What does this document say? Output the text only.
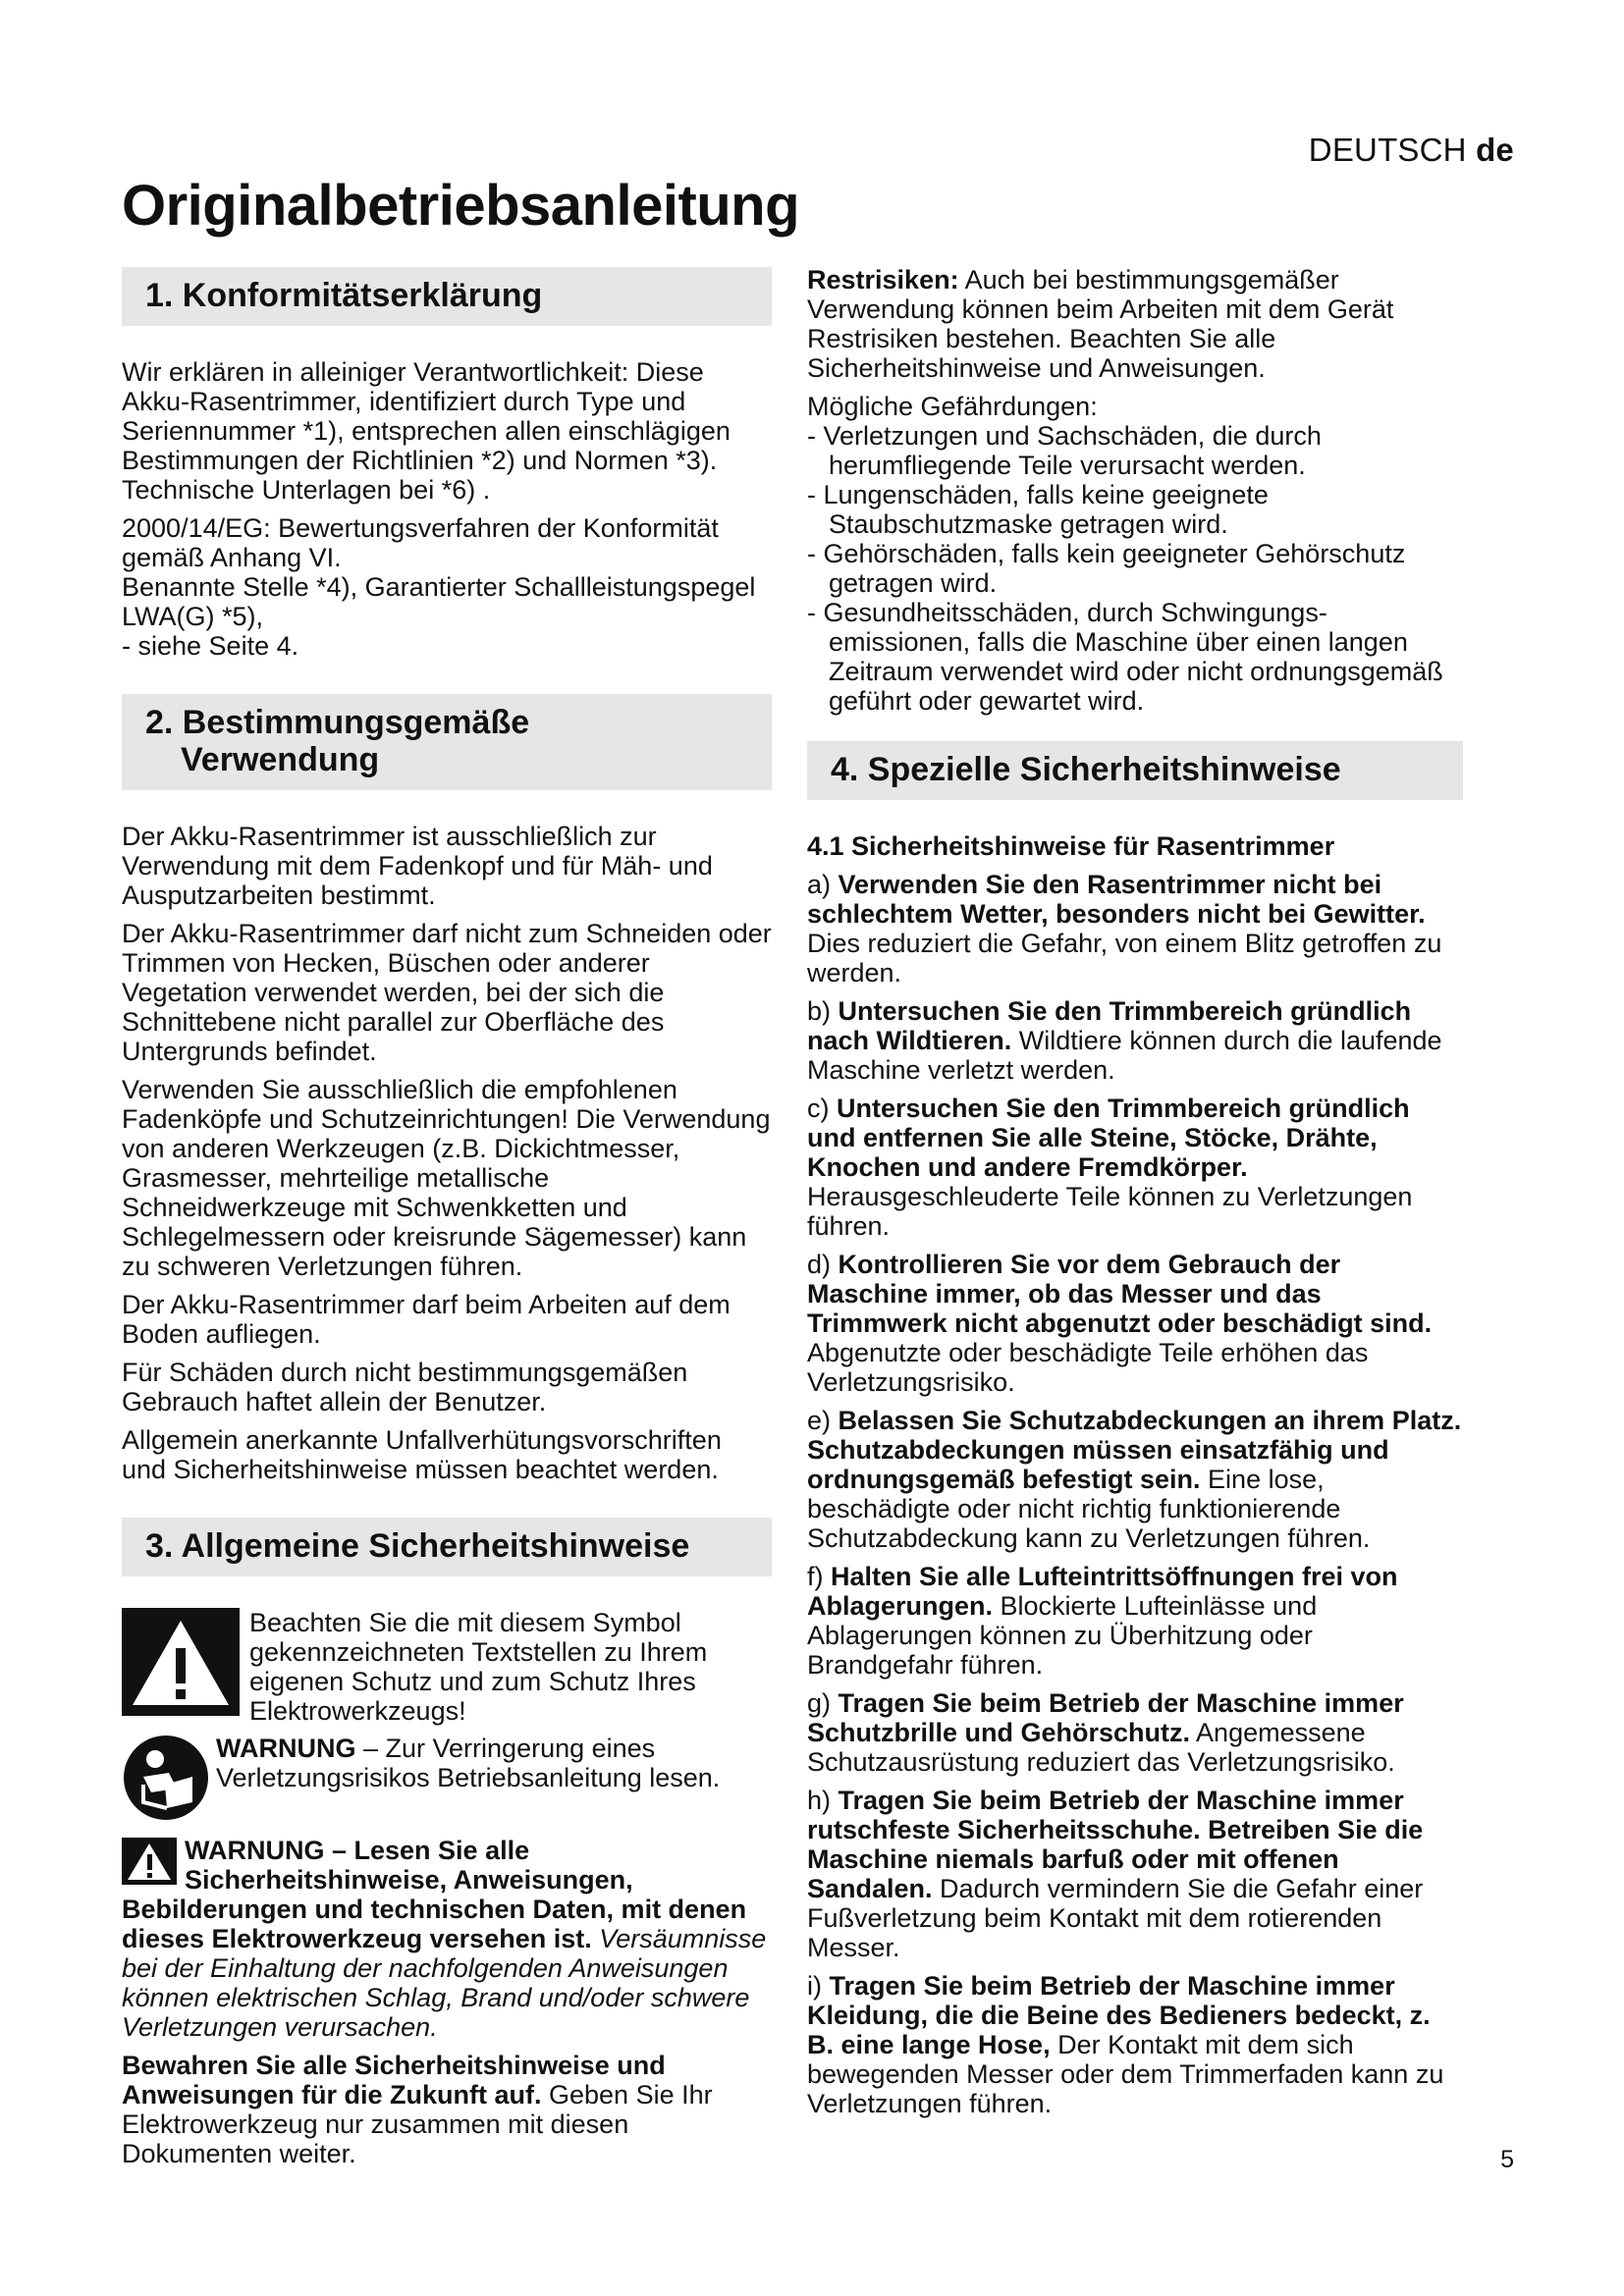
DEUTSCH de
Originalbetriebsanleitung
1. Konformitätserklärung

Wir erklären in alleiniger Verantwortlichkeit: Diese Akku-Rasentrimmer, identifiziert durch Type und Seriennummer *1), entsprechen allen einschlägigen Bestimmungen der Richtlinien *2) und Normen *3). Technische Unterlagen bei *6) .

2000/14/EG: Bewertungsverfahren der Konformität gemäß Anhang VI.
Benannte Stelle *4), Garantierter Schallleistungspegel LWA(G) *5),
- siehe Seite 4.

2. Bestimmungsgemäße
Verwendung

Der Akku-Rasentrimmer ist ausschließlich zur Verwendung mit dem Fadenkopf und für Mäh- und Ausputzarbeiten bestimmt.

Der Akku-Rasentrimmer darf nicht zum Schneiden oder Trimmen von Hecken, Büschen oder anderer Vegetation verwendet werden, bei der sich die Schnittebene nicht parallel zur Oberfläche des Untergrunds befindet.

Verwenden Sie ausschließlich die empfohlenen Fadenköpfe und Schutzeinrichtungen! Die Verwendung von anderen Werkzeugen (z.B. Dickichtmesser, Grasmesser, mehrteilige metallische Schneidwerkzeuge mit Schwenkketten und Schlegelmessern oder kreisrunde Sägemesser) kann zu schweren Verletzungen führen.

Der Akku-Rasentrimmer darf beim Arbeiten auf dem Boden aufliegen.

Für Schäden durch nicht bestimmungsgemäßen Gebrauch haftet allein der Benutzer.

Allgemein anerkannte Unfallverhütungsvorschriften und Sicherheitshinweise müssen beachtet werden.

3. Allgemeine Sicherheitshinweise
Beachten Sie die mit diesem Symbol gekennzeichneten Textstellen zu Ihrem eigenen Schutz und zum Schutz Ihres Elektrowerkzeugs!
WARNUNG – Zur Verringerung eines Verletzungsrisikos Betriebsanleitung lesen.

WARNUNG – Lesen Sie alle Sicherheitshinweise, Anweisungen, Bebilderungen und technischen Daten, mit denen dieses Elektrowerkzeug versehen ist. Versäumnisse bei der Einhaltung der nachfolgenden Anweisungen können elektrischen Schlag, Brand und/oder schwere Verletzungen verursachen.

Bewahren Sie alle Sicherheitshinweise und Anweisungen für die Zukunft auf. Geben Sie Ihr Elektrowerkzeug nur zusammen mit diesen Dokumenten weiter.

Restrisiken: Auch bei bestimmungsgemäßer Verwendung können beim Arbeiten mit dem Gerät Restrisiken bestehen. Beachten Sie alle Sicherheitshinweise und Anweisungen.

Mögliche Gefährdungen:

- Verletzungen und Sachschäden, die durch herumfliegende Teile verursacht werden.
- Lungenschäden, falls keine geeignete Staubschutzmaske getragen wird.
- Gehörschäden, falls kein geeigneter Gehörschutz getragen wird.
- Gesundheitsschäden, durch Schwingungs-emissionen, falls die Maschine über einen langen Zeitraum verwendet wird oder nicht ordnungsgemäß geführt oder gewartet wird.
4. Spezielle Sicherheitshinweise

4.1 Sicherheitshinweise für Rasentrimmer

a) Verwenden Sie den Rasentrimmer nicht bei schlechtem Wetter, besonders nicht bei Gewitter. Dies reduziert die Gefahr, von einem Blitz getroffen zu werden.

b) Untersuchen Sie den Trimmbereich gründlich nach Wildtieren. Wildtiere können durch die laufende Maschine verletzt werden.

c) Untersuchen Sie den Trimmbereich gründlich und entfernen Sie alle Steine, Stöcke, Drähte, Knochen und andere Fremdkörper. Herausgeschleuderte Teile können zu Verletzungen führen.

d) Kontrollieren Sie vor dem Gebrauch der Maschine immer, ob das Messer und das Trimmwerk nicht abgenutzt oder beschädigt sind. Abgenutzte oder beschädigte Teile erhöhen das Verletzungsrisiko.

e) Belassen Sie Schutzabdeckungen an ihrem Platz. Schutzabdeckungen müssen einsatzfähig und ordnungsgemäß befestigt sein. Eine lose, beschädigte oder nicht richtig funktionierende Schutzabdeckung kann zu Verletzungen führen.

f) Halten Sie alle Lufteintrittsöffnungen frei von Ablagerungen. Blockierte Lufteinlässe und Ablagerungen können zu Überhitzung oder Brandgefahr führen.

g) Tragen Sie beim Betrieb der Maschine immer Schutzbrille und Gehörschutz. Angemessene Schutzausrüstung reduziert das Verletzungsrisiko.

h) Tragen Sie beim Betrieb der Maschine immer rutschfeste Sicherheitsschuhe. Betreiben Sie die Maschine niemals barfuß oder mit offenen Sandalen. Dadurch vermindern Sie die Gefahr einer Fußverletzung beim Kontakt mit dem rotierenden Messer.

i) Tragen Sie beim Betrieb der Maschine immer Kleidung, die die Beine des Bedieners bedeckt, z. B. eine lange Hose, Der Kontakt mit dem sich bewegenden Messer oder dem Trimmerfaden kann zu Verletzungen führen.

5
